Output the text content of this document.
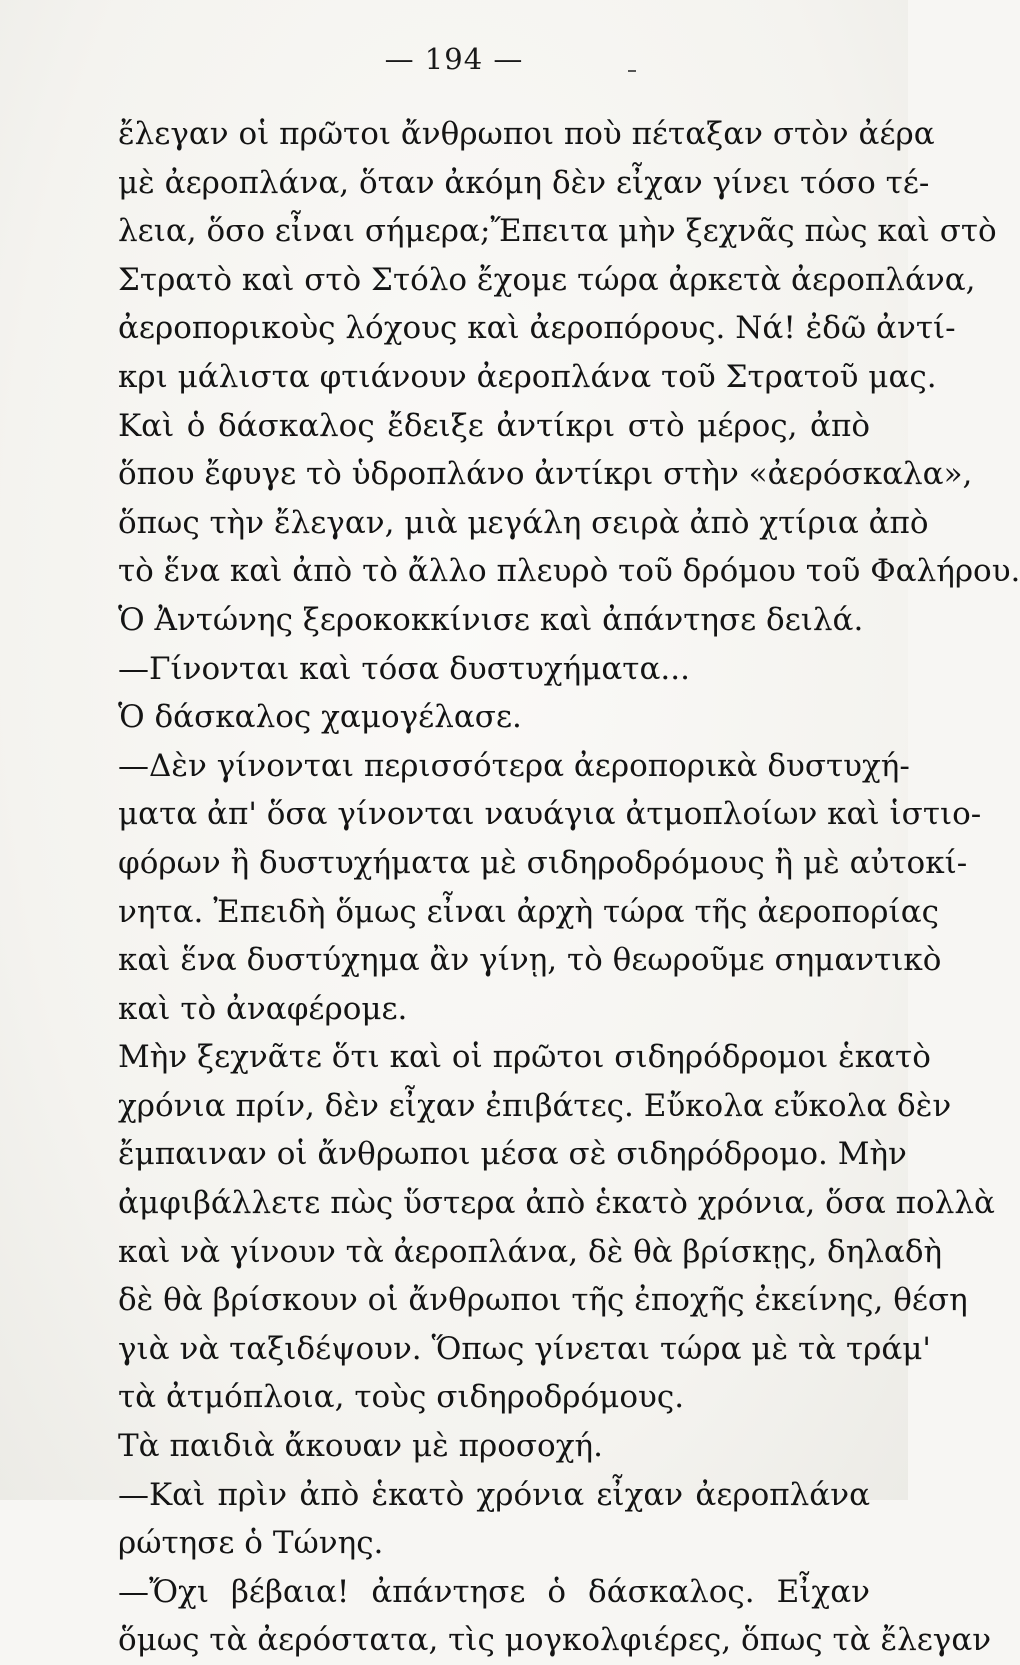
— 194 —
ἔλεγαν οἱ πρῶτοι ἄνθρωποι ποὺ πέταξαν στὸν ἀέρα
μὲ ἀεροπλάνα, ὅταν ἀκόμη δὲν εἶχαν γίνει τόσο τέ-
λεια, ὅσο εἶναι σήμερα;Ἔπειτα μὴν ξεχνᾶς πὼς καὶ στὸ
Στρατὸ καὶ στὸ Στόλο ἔχομε τώρα ἀρκετὰ ἀεροπλάνα,
ἀεροπορικοὺς λόχους καὶ ἀεροπόρους. Νά! ἐδῶ ἀντί-
κρι μάλιστα φτιάνουν ἀεροπλάνα τοῦ Στρατοῦ μας.
Καὶ ὁ δάσκαλος ἔδειξε ἀντίκρι στὸ μέρος, ἀπὸ
ὅπου ἔφυγε τὸ ὑδροπλάνο ἀντίκρι στὴν «ἀερόσκαλα»,
ὅπως τὴν ἔλεγαν, μιὰ μεγάλη σειρὰ ἀπὸ χτίρια ἀπὸ
τὸ ἕνα καὶ ἀπὸ τὸ ἄλλο πλευρὸ τοῦ δρόμου τοῦ Φαλήρου.
Ὁ Ἀντώνης ξεροκοκκίνισε καὶ ἀπάντησε δειλά.
—Γίνονται καὶ τόσα δυστυχήματα...
Ὁ δάσκαλος χαμογέλασε.
—Δὲν γίνονται περισσότερα ἀεροπορικὰ δυστυχή-
ματα ἀπ' ὅσα γίνονται ναυάγια ἀτμοπλοίων καὶ ἱστιο-
φόρων ἢ δυστυχήματα μὲ σιδηροδρόμους ἢ μὲ αὐτοκί-
νητα. Ἐπειδὴ ὅμως εἶναι ἀρχὴ τώρα τῆς ἀεροπορίας
καὶ ἕνα δυστύχημα ἂν γίνῃ, τὸ θεωροῦμε σημαντικὸ
καὶ τὸ ἀναφέρομε.
Μὴν ξεχνᾶτε ὅτι καὶ οἱ πρῶτοι σιδηρόδρομοι ἑκατὸ
χρόνια πρίν, δὲν εἶχαν ἐπιβάτες. Εὔκολα εὔκολα δὲν
ἔμπαιναν οἱ ἄνθρωποι μέσα σὲ σιδηρόδρομο. Μὴν
ἀμφιβάλλετε πὼς ὕστερα ἀπὸ ἑκατὸ χρόνια, ὅσα πολλὰ
καὶ νὰ γίνουν τὰ ἀεροπλάνα, δὲ θὰ βρίσκῃς, δηλαδὴ
δὲ θὰ βρίσκουν οἱ ἄνθρωποι τῆς ἐποχῆς ἐκείνης, θέση
γιὰ νὰ ταξιδέψουν. Ὅπως γίνεται τώρα μὲ τὰ τράμ'
τὰ ἀτμόπλοια, τοὺς σιδηροδρόμους.
Τὰ παιδιὰ ἄκουαν μὲ προσοχή.
—Καὶ πρὶν ἀπὸ ἑκατὸ χρόνια εἶχαν ἀεροπλάνα
ρώτησε ὁ Τώνης.
—Ὄχι βέβαια! ἀπάντησε ὁ δάσκαλος. Εἶχαν
ὅμως τὰ ἀερόστατα, τὶς μογκολφιέρες, ὅπως τὰ ἔλεγαν
